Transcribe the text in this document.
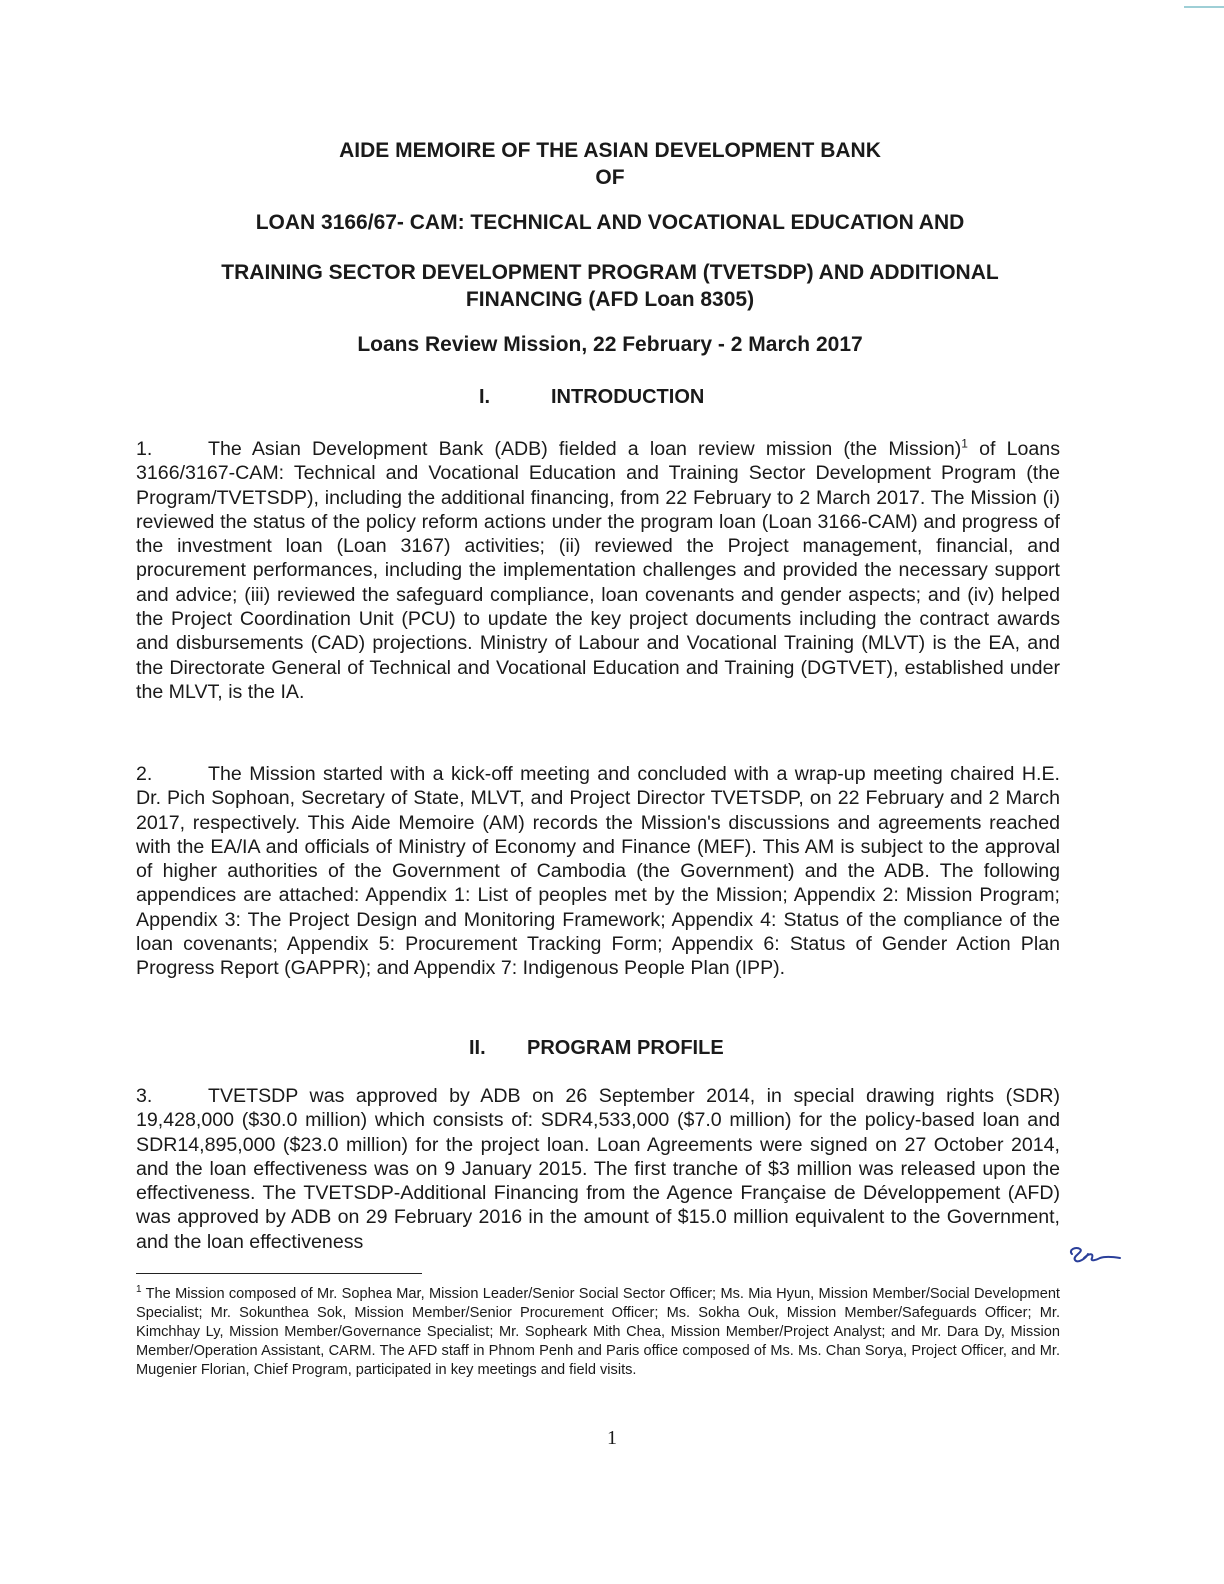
AIDE MEMOIRE OF THE ASIAN DEVELOPMENT BANK
OF
LOAN 3166/67- CAM: TECHNICAL AND VOCATIONAL EDUCATION AND
TRAINING SECTOR DEVELOPMENT PROGRAM (TVETSDP) AND ADDITIONAL
FINANCING (AFD Loan 8305)
Loans Review Mission, 22 February - 2 March 2017
I.	INTRODUCTION

1.	The Asian Development Bank (ADB) fielded a loan review mission (the Mission)$^1$ of Loans 3166/3167-CAM: Technical and Vocational Education and Training Sector Development Program (the Program/TVETSDP), including the additional financing, from 22 February to 2 March 2017. The Mission (i) reviewed the status of the policy reform actions under the program loan (Loan 3166-CAM) and progress of the investment loan (Loan 3167) activities; (ii) reviewed the Project management, financial, and procurement performances, including the implementation challenges and provided the necessary support and advice; (iii) reviewed the safeguard compliance, loan covenants and gender aspects; and (iv) helped the Project Coordination Unit (PCU) to update the key project documents including the contract awards and disbursements (CAD) projections. Ministry of Labour and Vocational Training (MLVT) is the EA, and the Directorate General of Technical and Vocational Education and Training (DGTVET), established under the MLVT, is the IA.

2.	The Mission started with a kick-off meeting and concluded with a wrap-up meeting chaired H.E. Dr. Pich Sophoan, Secretary of State, MLVT, and Project Director TVETSDP, on 22 February and 2 March 2017, respectively. This Aide Memoire (AM) records the Mission's discussions and agreements reached with the EA/IA and officials of Ministry of Economy and Finance (MEF). This AM is subject to the approval of higher authorities of the Government of Cambodia (the Government) and the ADB. The following appendices are attached: Appendix 1: List of peoples met by the Mission; Appendix 2: Mission Program; Appendix 3: The Project Design and Monitoring Framework; Appendix 4: Status of the compliance of the loan covenants; Appendix 5: Procurement Tracking Form; Appendix 6: Status of Gender Action Plan Progress Report (GAPPR); and Appendix 7: Indigenous People Plan (IPP).

II. PROGRAM PROFILE

3.	TVETSDP was approved by ADB on 26 September 2014, in special drawing rights (SDR) 19,428,000 ($30.0 million) which consists of: SDR4,533,000 ($7.0 million) for the policy-based loan and SDR14,895,000 ($23.0 million) for the project loan. Loan Agreements were signed on 27 October 2014, and the loan effectiveness was on 9 January 2015. The first tranche of $3 million was released upon the effectiveness. The TVETSDP-Additional Financing from the Agence Française de Développement (AFD) was approved by ADB on 29 February 2016 in the amount of $15.0 million equivalent to the Government, and the loan effectiveness

$^1$ The Mission composed of Mr. Sophea Mar, Mission Leader/Senior Social Sector Officer; Ms. Mia Hyun, Mission Member/Social Development Specialist; Mr. Sokunthea Sok, Mission Member/Senior Procurement Officer; Ms. Sokha Ouk, Mission Member/Safeguards Officer; Mr. Kimchhay Ly, Mission Member/Governance Specialist; Mr. Sopheark Mith Chea, Mission Member/Project Analyst; and Mr. Dara Dy, Mission Member/Operation Assistant, CARM. The AFD staff in Phnom Penh and Paris office composed of Ms. Ms. Chan Sorya, Project Officer, and Mr. Mugenier Florian, Chief Program, participated in key meetings and field visits.

1
